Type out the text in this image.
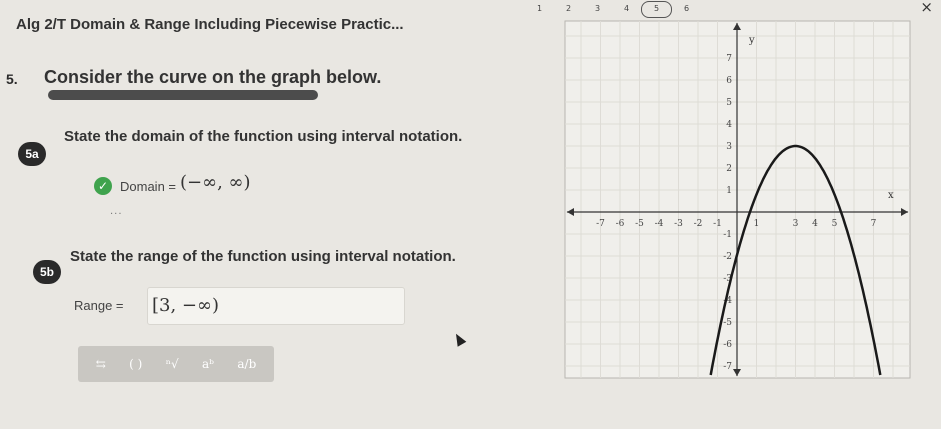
Alg 2/T Domain & Range Including Piecewise Practic...
1	2	3	4	5	6	×
5. Consider the curve on the graph below.
5a
State the domain of the function using interval notation.
✓ Domain = (−∞, ∞)
...
5b
State the range of the function using interval notation.
Range = [3, −∞)
⇆ ( ) ⁿ√ aᵇ a/b
-7 -6 -5 -4 -3 -2 -1	1	3 4 5	7
7
6
5
4
3
2
1
-1
-2
-3
-4
-5
-6
-7
x
y
